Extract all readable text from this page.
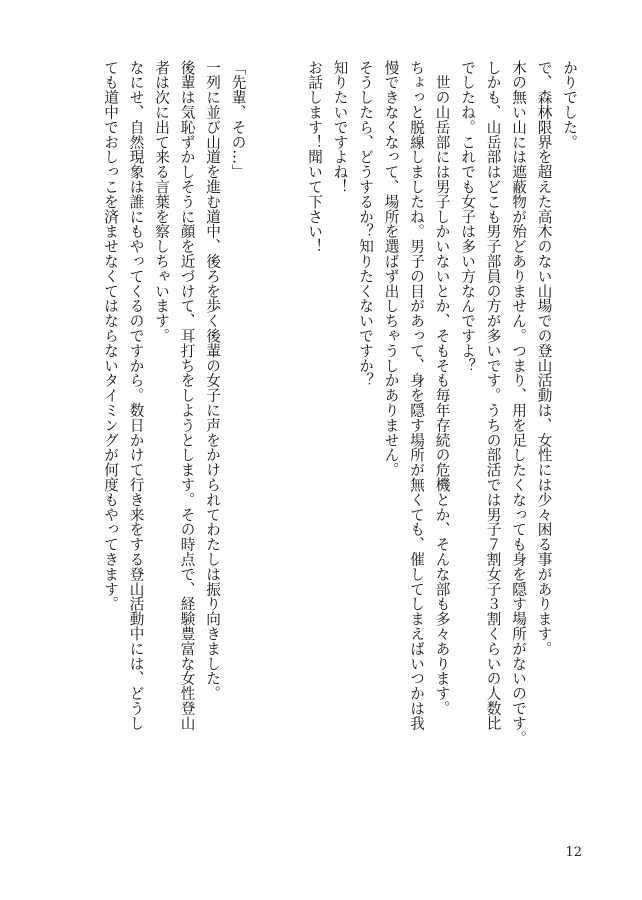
かりでした。
で、森林限界を超えた高木のない山場での登山活動は、女性には少々困る事があります。
木の無い山には遮蔽物が殆どありません。つまり、用を足したくなっても身を隠す場所がないのです。
しかも、山岳部はどこも男子部員の方が多いです。うちの部活では男子７割女子３割くらいの人数比
でしたね。これでも女子は多い方なんですよ？
　世の山岳部には男子しかいないとか、そもそも毎年存続の危機とか、そんな部も多々あります。
ちょっと脱線しましたね。男子の目があって、身を隠す場所が無くても、催してしまえばいつかは我
慢できなくなって、場所を選ばず出しちゃうしかありません。
そうしたら、どうするか？知りたくないですか？
知りたいですよね！
お話します！聞いて下さい！

「先輩、その…」
一列に並び山道を進む道中、後ろを歩く後輩の女子に声をかけられてわたしは振り向きました。
後輩は気恥ずかしそうに顔を近づけて、耳打ちをしようとします。その時点で、経験豊富な女性登山
者は次に出て来る言葉を察しちゃいます。
なにせ、自然現象は誰にもやってくるのですから。数日かけて行き来をする登山活動中には、どうし
ても道中でおしっこを済ませなくてはならないタイミングが何度もやってきます。
12
